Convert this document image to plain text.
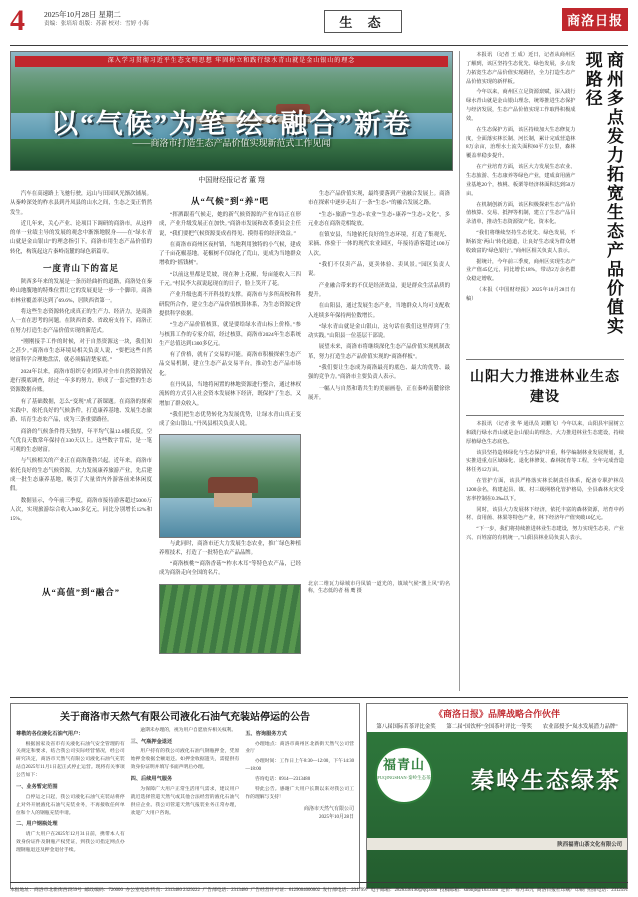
4	2025年10月28日 星期二
责编：张培培 组版：苏新 校对：雪婷 小海	生 态	商洛日报
深入学习贯彻习近平生态文明思想 牢固树立和践行绿水青山就是金山银山的理念
以“气候”为笔 绘“融合”新卷
——商洛市打造生态产品价值实现新范式工作见闻
中国财经报记者 董 翔

汽车在高速路上飞驰行驶，远山与田园风光渐次铺展。从秦岭深处的柞水县到丹凤县的山水之间，生态之变正悄然发生。

近几年来，关心产业、论项目下调研的商洛市，从这样的单一业绩主导的发展的观念中渐渐地脱身——在“绿水青山就是金山银山”的理念指引下，商洛市用生态产品价值的转化，构筑起这片秦岭南麓的绿色新篇章。

一度青山下的富足

陕西多年来的发展是一条历经曲折的道路，商洛处在秦岭山地腹地的特殊位置让它的发展更是一步一个脚印。商洛市林业覆盖率达到了69.6%，居陕西省第一。

将这些生态资源转化成真正的生产力、经济力，是商洛人一直在思考的问题。在陕西省委、省政府支持下，商洛正在努力打造生态产品价值实现的新范式。

“刚刚接手工作的时候，对于自然资源这一块，我们知之甚少。”商洛市生态环境局相关负责人说，“要把这些自然财富科学合理地盘活，就必须搞清楚家底。”

2024年以来，商洛市组织专业团队对全市自然资源情况进行摸底调查，经过一年多的努力，形成了一套完整的生态资源数据台账。

有了基础数据，怎么“变现”成了新课题。在商洛的探索实践中，依托良好的气候条件，打造康养基地、发展生态旅游、培育生态农产品，成为三条重要路径。

商洛的气候条件得天独厚，年平均气温12.6摄氏度，空气优良天数常年保持在330天以上。这些数字背后，是一笔可观的生态财富。

与气候相关的产业正在商洛蓬勃兴起。近年来，商洛市依托良好的生态气候资源，大力发展康养旅游产业，先后建成一批生态康养基地，吸引了大量省内外游客前来休闲度假。

数据显示，今年前三季度，商洛市接待游客超过5000万人次，实现旅游综合收入300多亿元，同比分别增长12%和15%。

从“气候”到“养”吧

“挥洒跟着气候走，她的新气候资源的产业布局正在形成，产业升级发展正在加快。”商洛市发展和改革委员会主任说，“我们要把气候资源变成看得见、摸得着的经济效益。”

在商洛市商州区夜村镇，当地利用独特的小气候，建成了千亩花椒基地。花椒树不仅绿化了荒山，更成为当地群众增收的“摇钱树”。

“以前这里都是荒坡，现在种上花椒，每亩能收入三四千元。”村民李大叔说起现在的日子，脸上笑开了花。

产业升级也离不开科技的支撑。商洛市与多所高校和科研院所合作，建立生态产品价值核算体系，为生态资源定价提供科学依据。

“生态产品价值核算，就是要给绿水青山标上价格。”参与核算工作的专家介绍，经过核算，商洛市2024年生态系统生产总值达到1300多亿元。

有了价格，就有了交易的可能。商洛市积极探索生态产品交易机制，建立生态产品交易平台，推动生态产品市场化。

在丹凤县，当地将闲置的林地资源进行整合，通过林权流转的方式引入社会资本发展林下经济，既保护了生态，又增加了群众收入。

“我们把生态优势转化为发展优势，让绿水青山真正变成了金山银山。”丹凤县相关负责人说。

与此同时，商洛市还大力发展生态农业，推广绿色种植养殖技术，打造了一批特色农产品品牌。

“商洛核桃”“商洛香菇”“柞水木耳”等特色农产品，已经成为商洛走向全国的名片。

生态产品价值实现，最终要落到产业融合发展上。商洛市在探索中逐步走出了一条“生态+”的融合发展之路。

“生态+旅游”“生态+农业”“生态+康养”“生态+文化”，多元业态在商洛竞相绽放。

在镇安县，当地依托良好的生态环境，打造了集观光、采摘、体验于一体的现代农业园区，年接待游客超过100万人次。

“我们不仅卖产品，更卖体验、卖风景。”园区负责人说。

产业融合带来的不仅是经济效益，更是群众生活品质的提升。

在山阳县，通过发展生态产业，当地群众人均可支配收入连续多年保持两位数增长。

“绿水青山就是金山银山，这句话在我们这里得到了生动实践。”山阳县一位基层干部说。

展望未来，商洛市将继续深化生态产品价值实现机制改革，努力打造生态产品价值实现的“商洛样板”。

“我们要让生态成为商洛最亮的底色、最大的优势、最强的竞争力。”商洛市主要负责人表示。

一幅人与自然和谐共生的美丽画卷，正在秦岭南麓徐徐展开。

从“高值”到“融合”
北京二维瓦力绿城市丹凤镇一道光的，镇域气候“激上风”的名称，生态低的者 杨 鹰 摄

本报讯 （记者 王 成）近日，记者从商州区了解到，该区坚持生态优先、绿色发展，多点发力拓宽生态产品价值实现路径，全力打造生态产品价值实现的新样板。

今年以来，商州区立足资源禀赋，深入践行绿水青山就是金山银山理念，统筹推进生态保护与经济发展，生态产品价值实现工作取得积极成效。

在生态保护方面，该区持续加大生态修复力度，全面落实林长制、河长制，累计完成营造林8万余亩，治理水土流失面积60平方公里，森林覆盖率稳步提升。

在产业培育方面，该区大力发展生态农业、生态旅游、生态康养等绿色产业，建成食用菌产业基地20个，核桃、板栗等经济林面积达到50万亩。

在机制创新方面，该区积极探索生态产品价值核算、交易、抵押等机制，建立了生态产品目录清单，推动生态资源资产化、资本化。

“我们将继续坚持生态优先、绿色发展，不断拓宽‘两山’转化通道，让良好生态成为群众增收致富的‘绿色银行’。”商州区相关负责人表示。

据统计，今年前三季度，商州区实现生态产业产值45亿元，同比增长18%，带动2万余名群众稳定增收。

（本报《中国财经报》2025年10月28日有稿）	商州多点发力拓宽生态产品价值实现路径
山阳大力推进林业生态建设

本报讯 （记者 张 华 通讯员 刘鹏飞）今年以来，山阳县牢固树立和践行绿水青山就是金山银山的理念，大力推进林业生态建设，持续厚植绿色生态底色。

该县坚持造林绿化与生态保护并重，科学编制林业发展规划，扎实推进重点区域绿化、退化林修复、森林抚育等工程，全年完成营造林任务12万亩。

在管护方面，该县严格落实林长制责任体系，配备专职护林员1200余名，构建起县、镇、村三级网格化管护格局，全县森林火灾受害率控制在0.3‰以下。

同时，该县大力发展林下经济，依托丰富的森林资源，培育中药材、食用菌、林果等特色产业，林下经济年产值突破10亿元。

“下一步，我们将持续推进林业生态建设，努力实现生态美、产业兴、百姓富的有机统一。”山阳县林业局负责人表示。

关于商洛市天然气有限公司液化石油气充装站停运的公告

尊敬的各位液化石油气用户：

根据国家及省市有关液化石油气安全管理的有关规定和要求，结合我公司实际经营情况，经公司研究决定，商洛市天然气有限公司液化石油气充装站自2025年11月1日起正式停止运营。现将有关事项公告如下：

一、业务暂定范围

自停运之日起，我公司液化石油气充装站将停止对外开展液化石油气充装业务，不再接收任何单位和个人的钢瓶充装申请。

二、用户钢瓶处理

请广大用户在2025年12月31日前，携带本人有效身份证件及钢瓶产权凭证，到我公司指定网点办理钢瓶退还及押金退付手续。

逾期未办理的，视为用户自愿放弃相关权利。

三、气瓶押金退还

用户持有的我公司液化石油气钢瓶押金，凭原始押金收据全额退还。如押金收据遗失，需提供有效身份证明并填写书面声明后办理。

四、后续用气服务

为保障广大用户正常生活用气需求，建议用户就近选择管道天然气或其他合法经营的液化石油气供应企业。我公司管道天然气报装业务正常办理，欢迎广大用户咨询。

五、咨询服务方式

办理地点：商洛市商州区北新街天然气公司营业厅

办理时间：工作日上午8:30—12:00，下午14:30—18:00

咨询电话：0914—2313480

特此公告。感谢广大用户长期以来对我公司工作的理解与支持！

商洛市天然气有限公司
2025年10月28日
《商洛日报》品牌战略合作伙伴
第八届国际茗茶评比金奖 第二届“国饮杯”全国茶叶评比一等奖 农业部授予“岚水发展潜力品牌”
福青山
FUQINGSHAN·秦岭生态茶 秦岭生态绿茶
陕西福青山茶文化有限公司
本报地址：商洛市北新街西段59号 邮政编码：726000 办公室电话/传真：2313480 2329222 广告部电话：2313480 广告经营许可证：6129004000002 发行部电话：2317997 电子邮箱：2826336190@qq.com 投稿邮箱：slrbbjb@163.com 定价：每月35元 商洛日报社印刷厂印刷 照排电话：2312591
